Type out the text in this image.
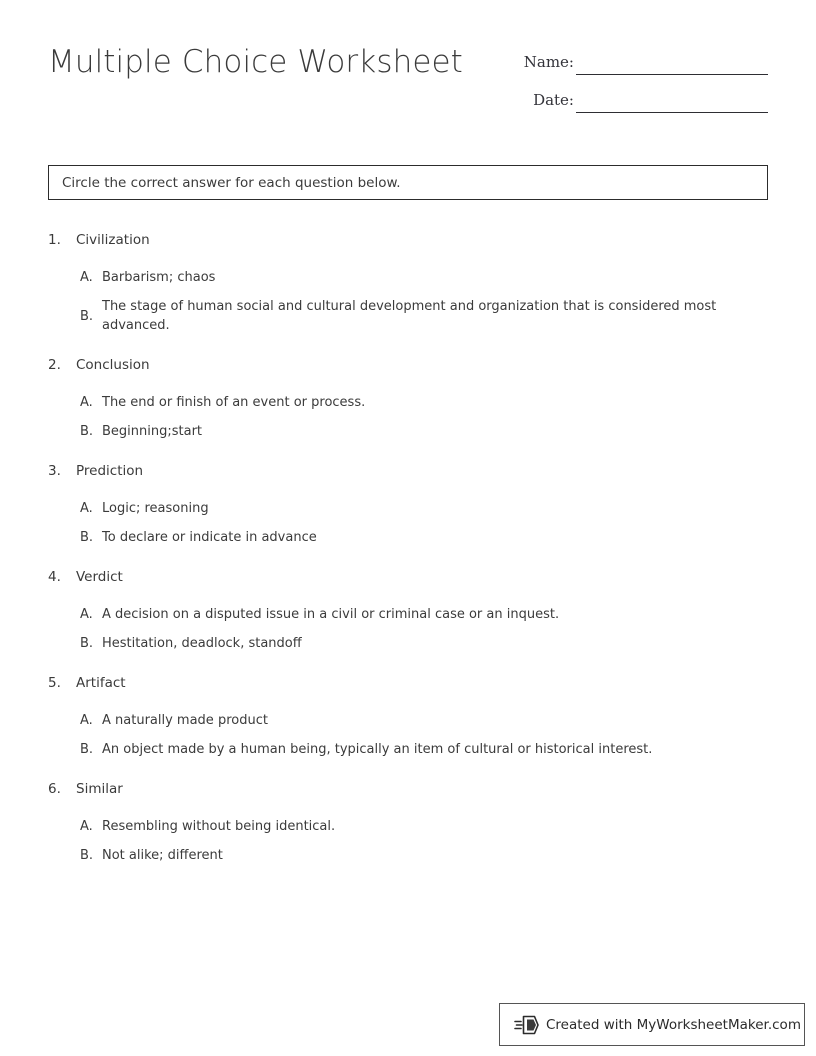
Multiple Choice Worksheet	Name:
Date:
Circle the correct answer for each question below.
1.	Civilization
A. Barbarism; chaos
B.
The stage of human social and cultural development and organization that is considered most advanced.
2.	Conclusion
A. The end or finish of an event or process.
B. Beginning;start
3.	Prediction
A. Logic; reasoning
B. To declare or indicate in advance
4.	Verdict
A. A decision on a disputed issue in a civil or criminal case or an inquest.
B. Hestitation, deadlock, standoff
5.	Artifact
A. A naturally made product
B. An object made by a human being, typically an item of cultural or historical interest.
6.	Similar
A. Resembling without being identical.
B. Not alike; different
Created with MyWorksheetMaker.com
